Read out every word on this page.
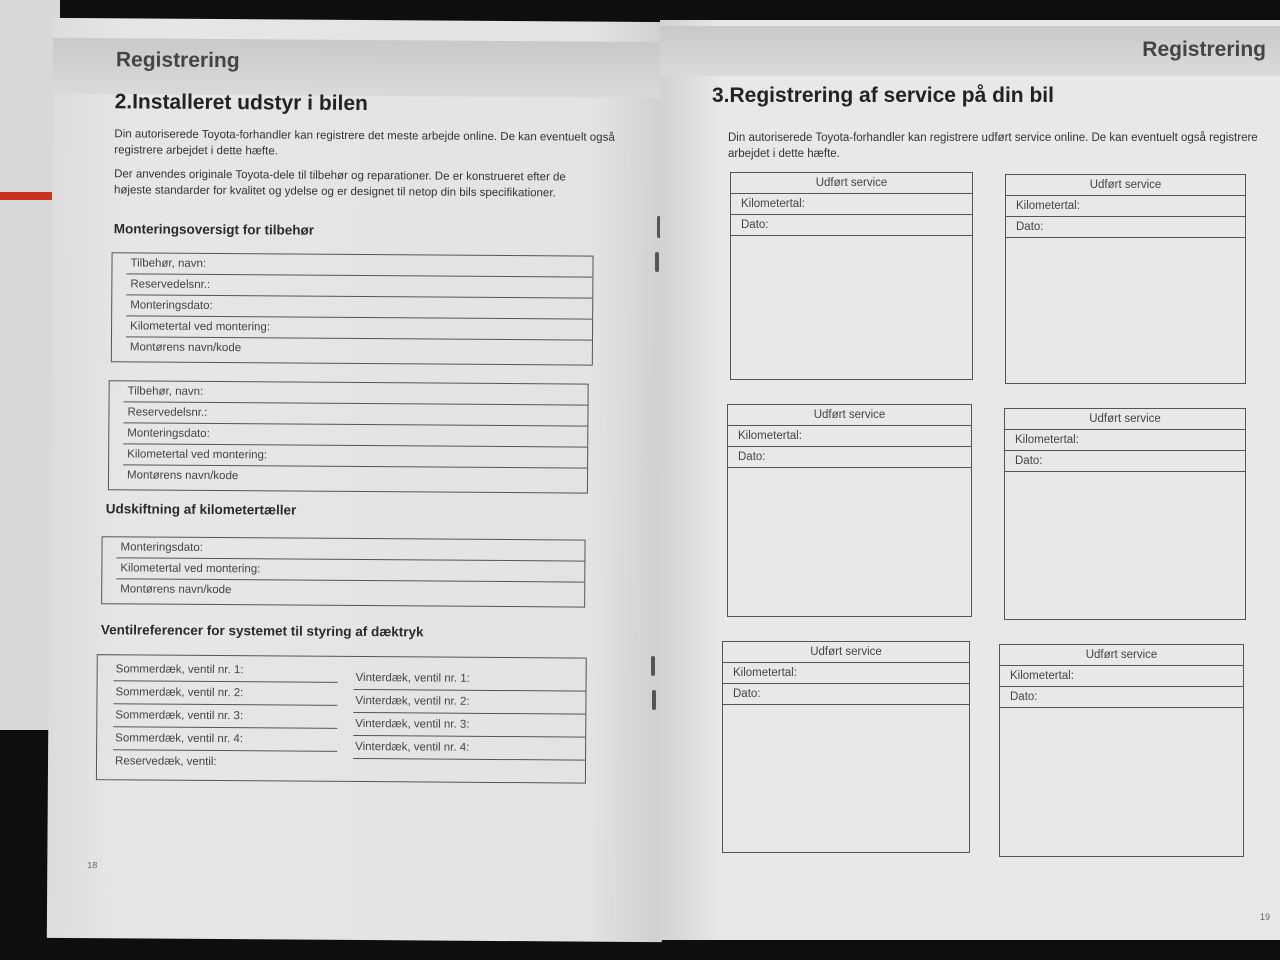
Registrering
2.Installeret udstyr i bilen
Din autoriserede Toyota-forhandler kan registrere det meste arbejde online. De kan eventuelt også registrere arbejdet i dette hæfte.
Der anvendes originale Toyota-dele til tilbehør og reparationer. De er konstrueret efter de højeste standarder for kvalitet og ydelse og er designet til netop din bils specifikationer.
Monteringsoversigt for tilbehør
Tilbehør, navn:
Reservedelsnr.:
Monteringsdato:
Kilometertal ved montering:
Montørens navn/kode
Tilbehør, navn:
Reservedelsnr.:
Monteringsdato:
Kilometertal ved montering:
Montørens navn/kode
Udskiftning af kilometertæller
Monteringsdato:
Kilometertal ved montering:
Montørens navn/kode
Ventilreferencer for systemet til styring af dæktryk
Sommerdæk, ventil nr. 1:
Sommerdæk, ventil nr. 2:
Sommerdæk, ventil nr. 3:
Sommerdæk, ventil nr. 4:
Reservedæk, ventil:
Vinterdæk, ventil nr. 1:
Vinterdæk, ventil nr. 2:
Vinterdæk, ventil nr. 3:
Vinterdæk, ventil nr. 4:
18
Registrering
3.Registrering af service på din bil
Din autoriserede Toyota-forhandler kan registrere udført service online. De kan eventuelt også registrere arbejdet i dette hæfte.
Udført service
Kilometertal:
Dato:
Udført service
Kilometertal:
Dato:
Udført service
Kilometertal:
Dato:
Udført service
Kilometertal:
Dato:
Udført service
Kilometertal:
Dato:
Udført service
Kilometertal:
Dato:
19
